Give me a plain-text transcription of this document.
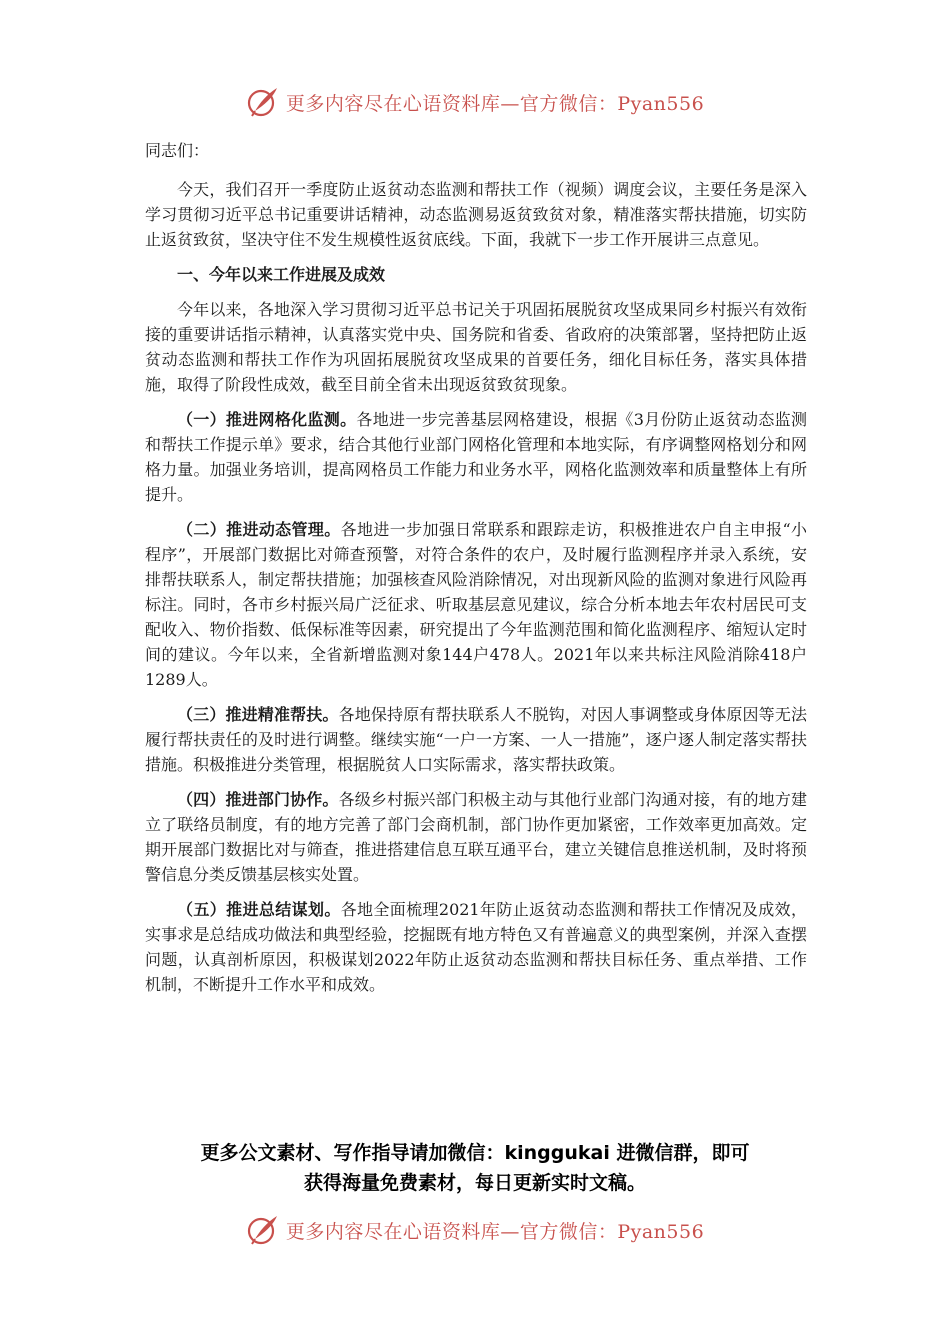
更多内容尽在心语资料库—官方微信：Pyan556

同志们：

今天，我们召开一季度防止返贫动态监测和帮扶工作（视频）调度会议，主要任务是深入学习贯彻习近平总书记重要讲话精神，动态监测易返贫致贫对象，精准落实帮扶措施，切实防止返贫致贫，坚决守住不发生规模性返贫底线。下面，我就下一步工作开展讲三点意见。

一、今年以来工作进展及成效

今年以来，各地深入学习贯彻习近平总书记关于巩固拓展脱贫攻坚成果同乡村振兴有效衔接的重要讲话指示精神，认真落实党中央、国务院和省委、省政府的决策部署，坚持把防止返贫动态监测和帮扶工作作为巩固拓展脱贫攻坚成果的首要任务，细化目标任务，落实具体措施，取得了阶段性成效，截至目前全省未出现返贫致贫现象。

（一）推进网格化监测。各地进一步完善基层网格建设，根据《3月份防止返贫动态监测和帮扶工作提示单》要求，结合其他行业部门网格化管理和本地实际，有序调整网格划分和网格力量。加强业务培训，提高网格员工作能力和业务水平，网格化监测效率和质量整体上有所提升。

（二）推进动态管理。各地进一步加强日常联系和跟踪走访，积极推进农户自主申报“小程序”，开展部门数据比对筛查预警，对符合条件的农户，及时履行监测程序并录入系统，安排帮扶联系人，制定帮扶措施；加强核查风险消除情况，对出现新风险的监测对象进行风险再标注。同时，各市乡村振兴局广泛征求、听取基层意见建议，综合分析本地去年农村居民可支配收入、物价指数、低保标准等因素，研究提出了今年监测范围和简化监测程序、缩短认定时间的建议。今年以来，全省新增监测对象144户478人。2021年以来共标注风险消除418户1289人。

（三）推进精准帮扶。各地保持原有帮扶联系人不脱钩，对因人事调整或身体原因等无法履行帮扶责任的及时进行调整。继续实施“一户一方案、一人一措施”，逐户逐人制定落实帮扶措施。积极推进分类管理，根据脱贫人口实际需求，落实帮扶政策。

（四）推进部门协作。各级乡村振兴部门积极主动与其他行业部门沟通对接，有的地方建立了联络员制度，有的地方完善了部门会商机制，部门协作更加紧密，工作效率更加高效。定期开展部门数据比对与筛查，推进搭建信息互联互通平台，建立关键信息推送机制，及时将预警信息分类反馈基层核实处置。

（五）推进总结谋划。各地全面梳理2021年防止返贫动态监测和帮扶工作情况及成效，实事求是总结成功做法和典型经验，挖掘既有地方特色又有普遍意义的典型案例，并深入查摆问题，认真剖析原因，积极谋划2022年防止返贫动态监测和帮扶目标任务、重点举措、工作机制，不断提升工作水平和成效。

更多公文素材、写作指导请加微信：kinggukai 进微信群，即可
获得海量免费素材，每日更新实时文稿。
更多内容尽在心语资料库—官方微信：Pyan556
